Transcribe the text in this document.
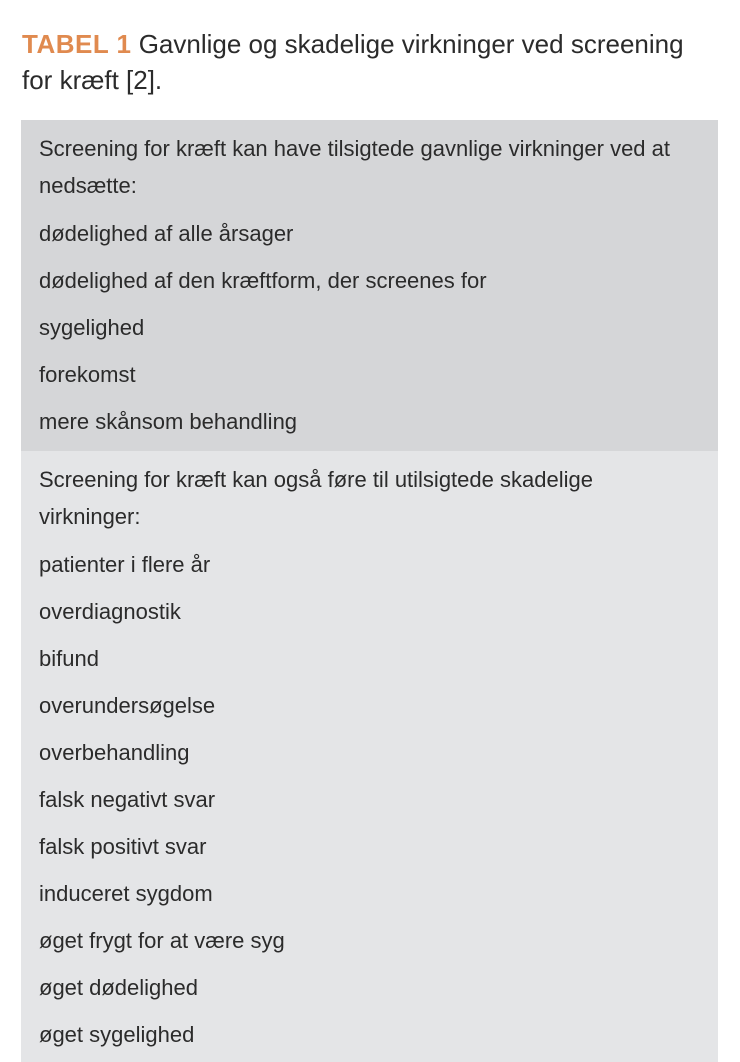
TABEL 1 Gavnlige og skadelige virkninger ved screening for kræft [2].

Screening for kræft kan have tilsigtede gavnlige virkninger ved at nedsætte:

dødelighed af alle årsager

dødelighed af den kræftform, der screenes for

sygelighed

forekomst

mere skånsom behandling

Screening for kræft kan også føre til utilsigtede skadelige virkninger:

patienter i flere år

overdiagnostik

bifund

overundersøgelse

overbehandling

falsk negativt svar

falsk positivt svar

induceret sygdom

øget frygt for at være syg

øget dødelighed

øget sygelighed
